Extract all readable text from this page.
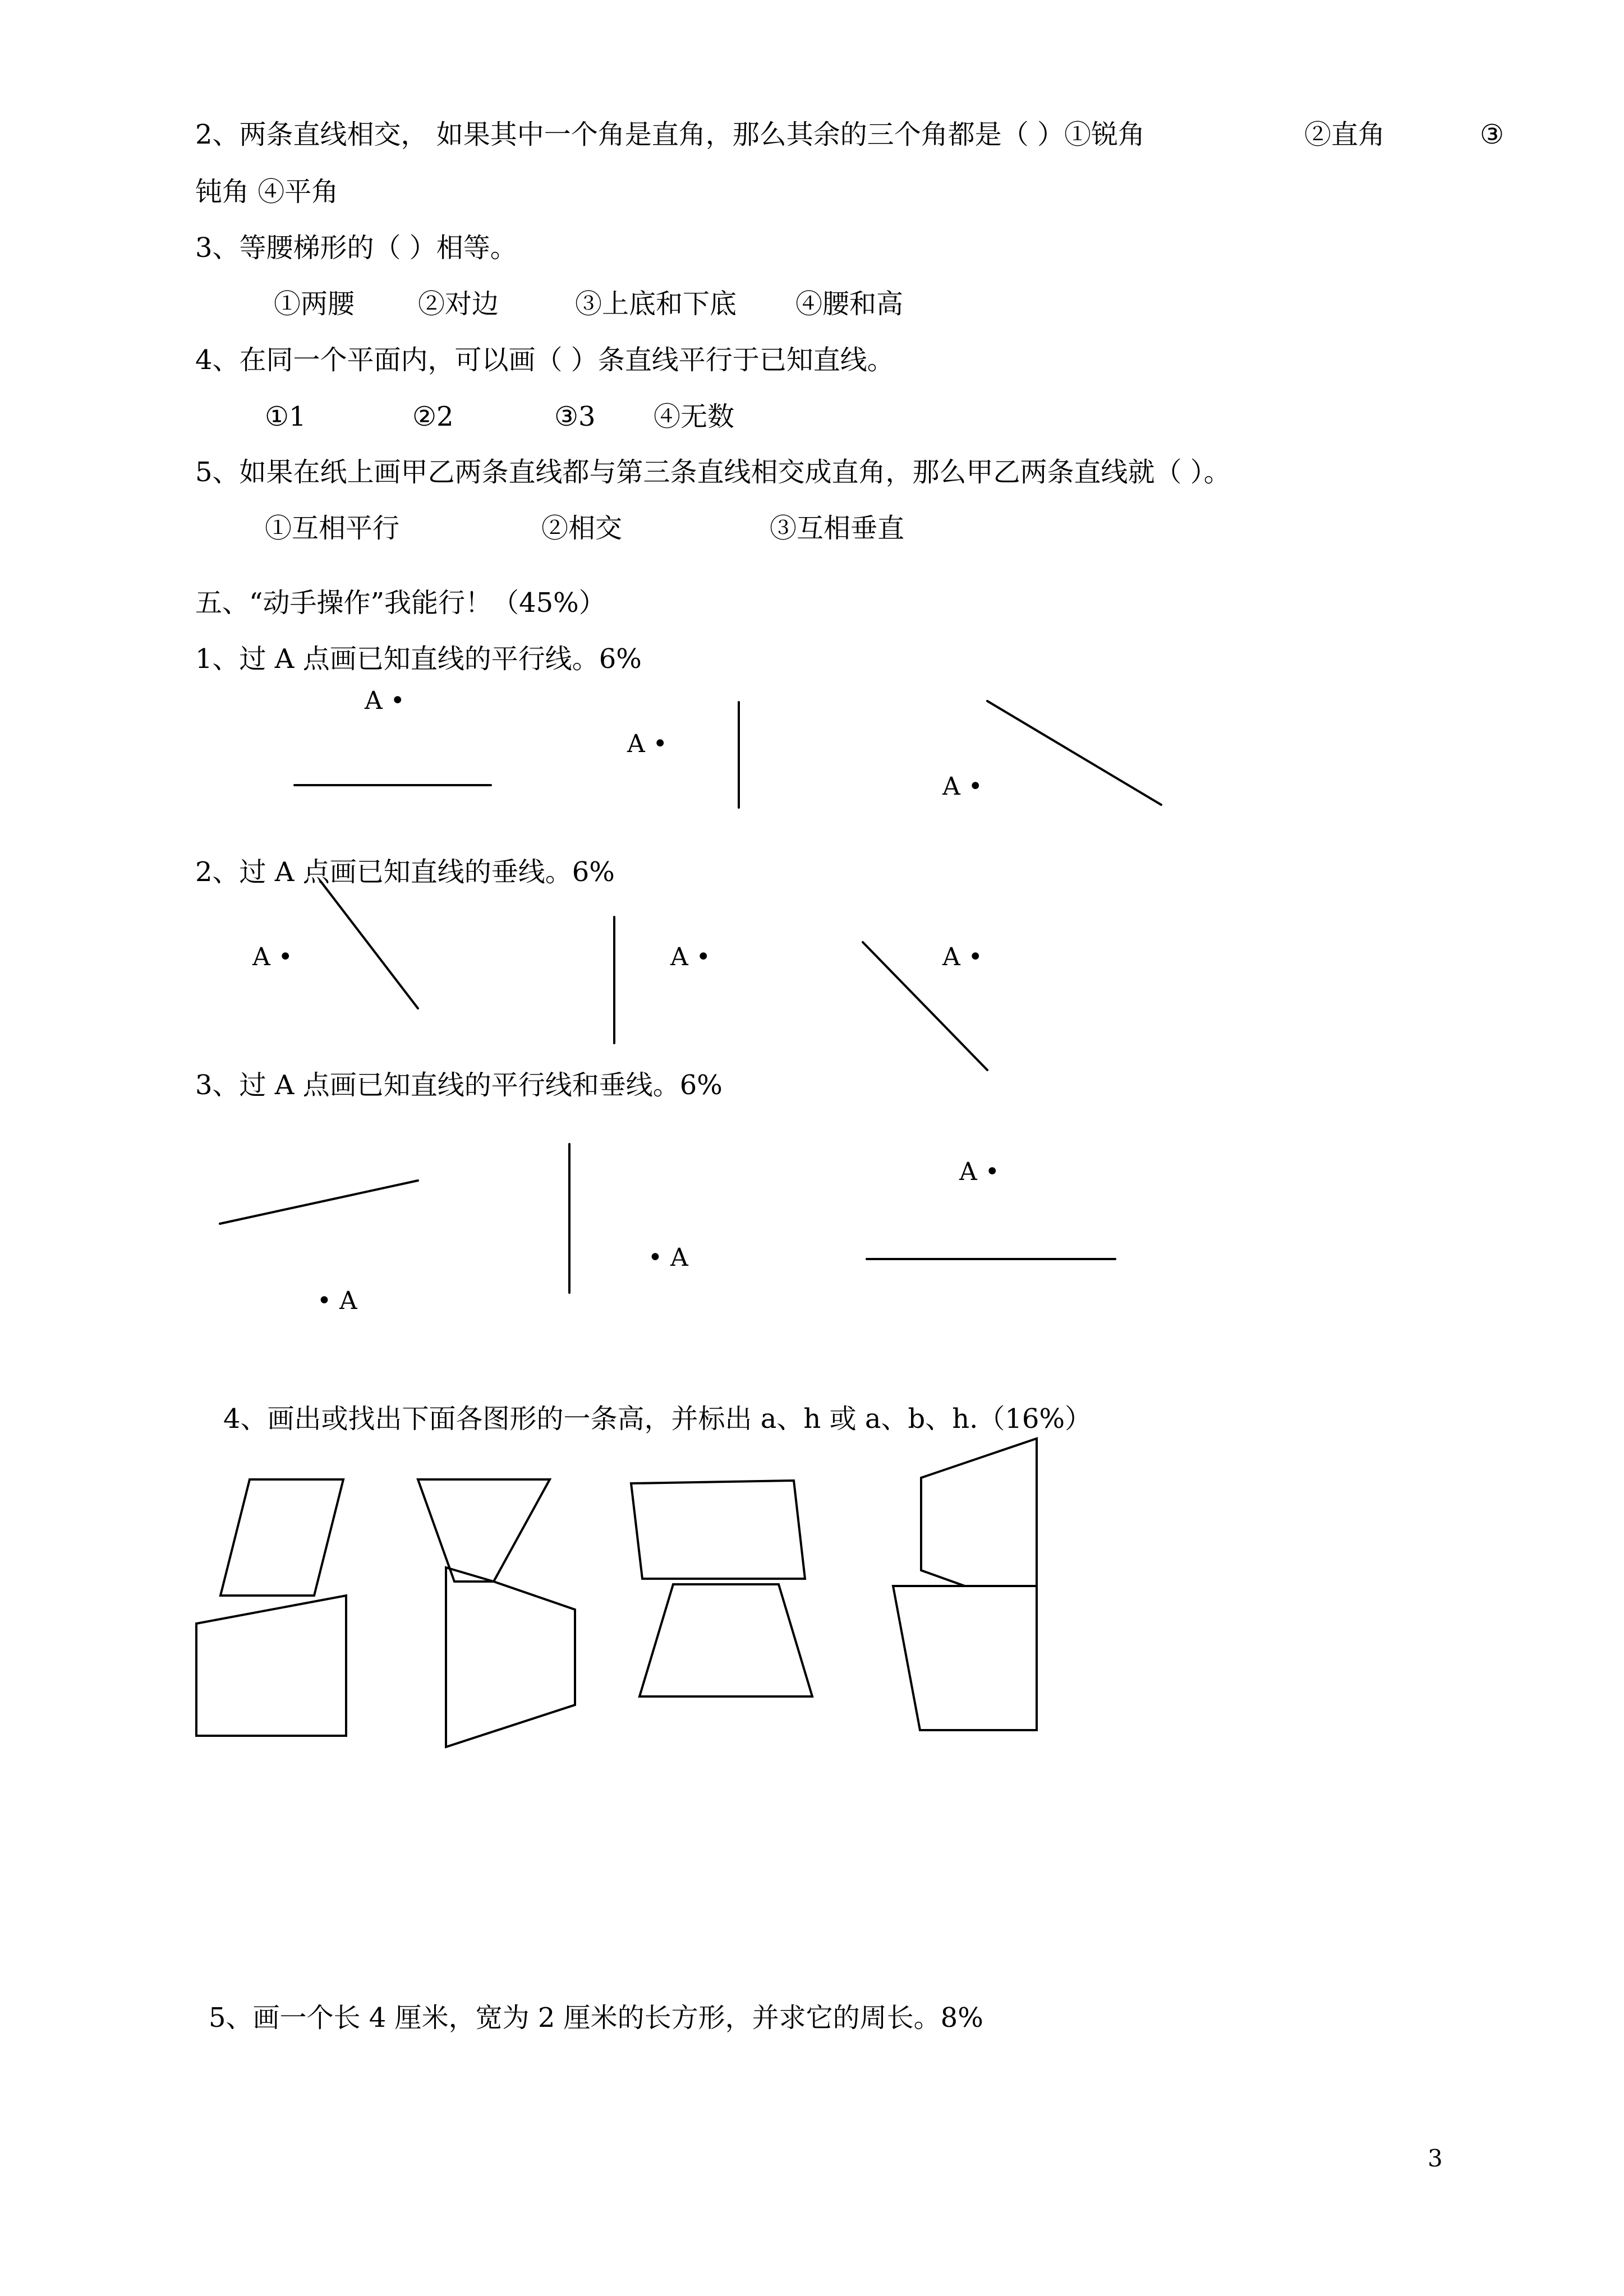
2、两条直线相交， 如果其中一个角是直角，那么其余的三个角都是（ ）①锐角	②直角	③
钝角 ④平角
3、等腰梯形的（ ）相等。
①两腰 ②对边	③上底和下底 ④腰和高
4、在同一个平面内，可以画（ ）条直线平行于已知直线。
①1	②2	③3 ④无数
5、如果在纸上画甲乙两条直线都与第三条直线相交成直角，那么甲乙两条直线就（ ）。
①互相平行	②相交	③互相垂直
五、“动手操作”我能行！（45%）
1、过 A 点画已知直线的平行线。6%
A •
A •
A •
2、过 A 点画已知直线的垂线。6%
A •	A •	A •
3、过 A 点画已知直线的平行线和垂线。6%
A •
• A
• A
4、画出或找出下面各图形的一条高，并标出 a、h 或 a、b、h.（16%）
5、画一个长 4 厘米，宽为 2 厘米的长方形，并求它的周长。8%
3
